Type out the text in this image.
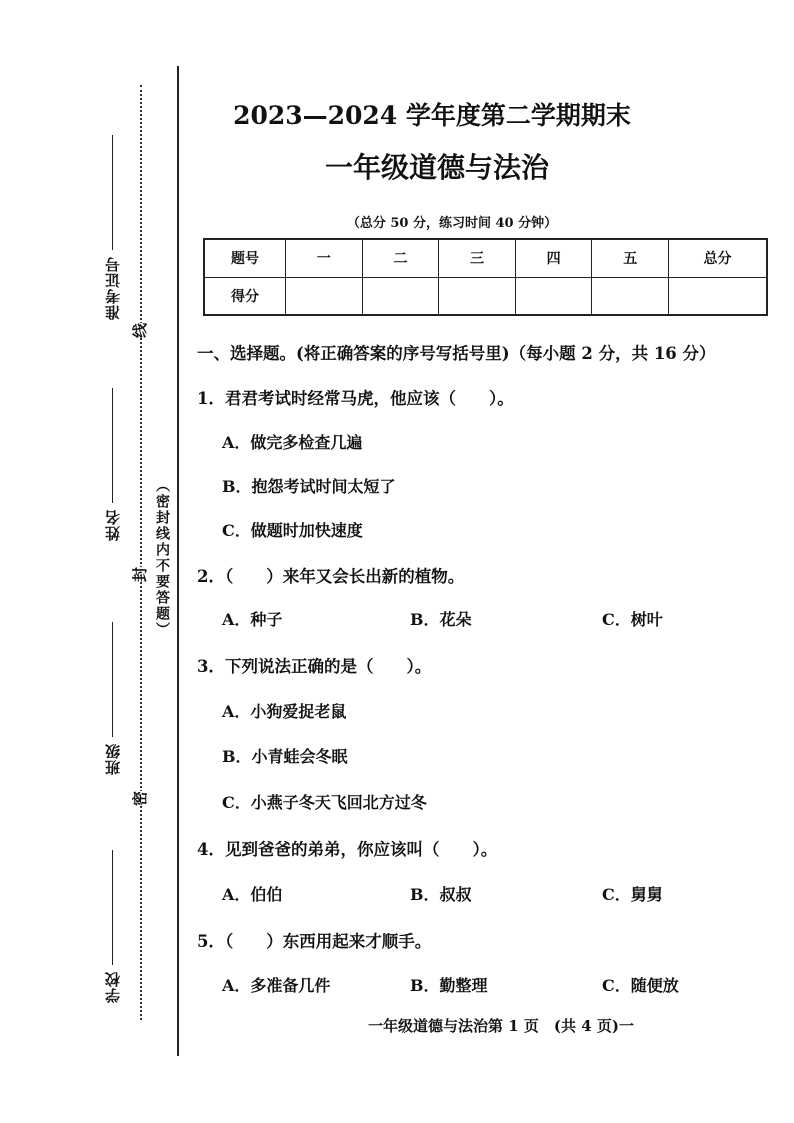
准考证号
姓名
班级
学校
线
封
密
（密封线内不要答题）
2023—2024 学年度第二学期期末
一年级道德与法治
（总分 50 分，练习时间 40 分钟）
题号	一	二	三	四	五	总分
得分						
一、选择题。(将正确答案的序号写括号里)（每小题 2 分，共 16 分）
1．君君考试时经常马虎，他应该（　　）。
A．做完多检查几遍
B．抱怨考试时间太短了
C．做题时加快速度
2．（　　）来年又会长出新的植物。
A．种子	B．花朵	C．树叶
3．下列说法正确的是（　　）。
A．小狗爱捉老鼠
B．小青蛙会冬眠
C．小燕子冬天飞回北方过冬
4．见到爸爸的弟弟，你应该叫（　　）。
A．伯伯	B．叔叔	C．舅舅
5．（　　）东西用起来才顺手。
A．多准备几件	B．勤整理	C．随便放
一年级道德与法治第 1 页　(共 4 页)一
